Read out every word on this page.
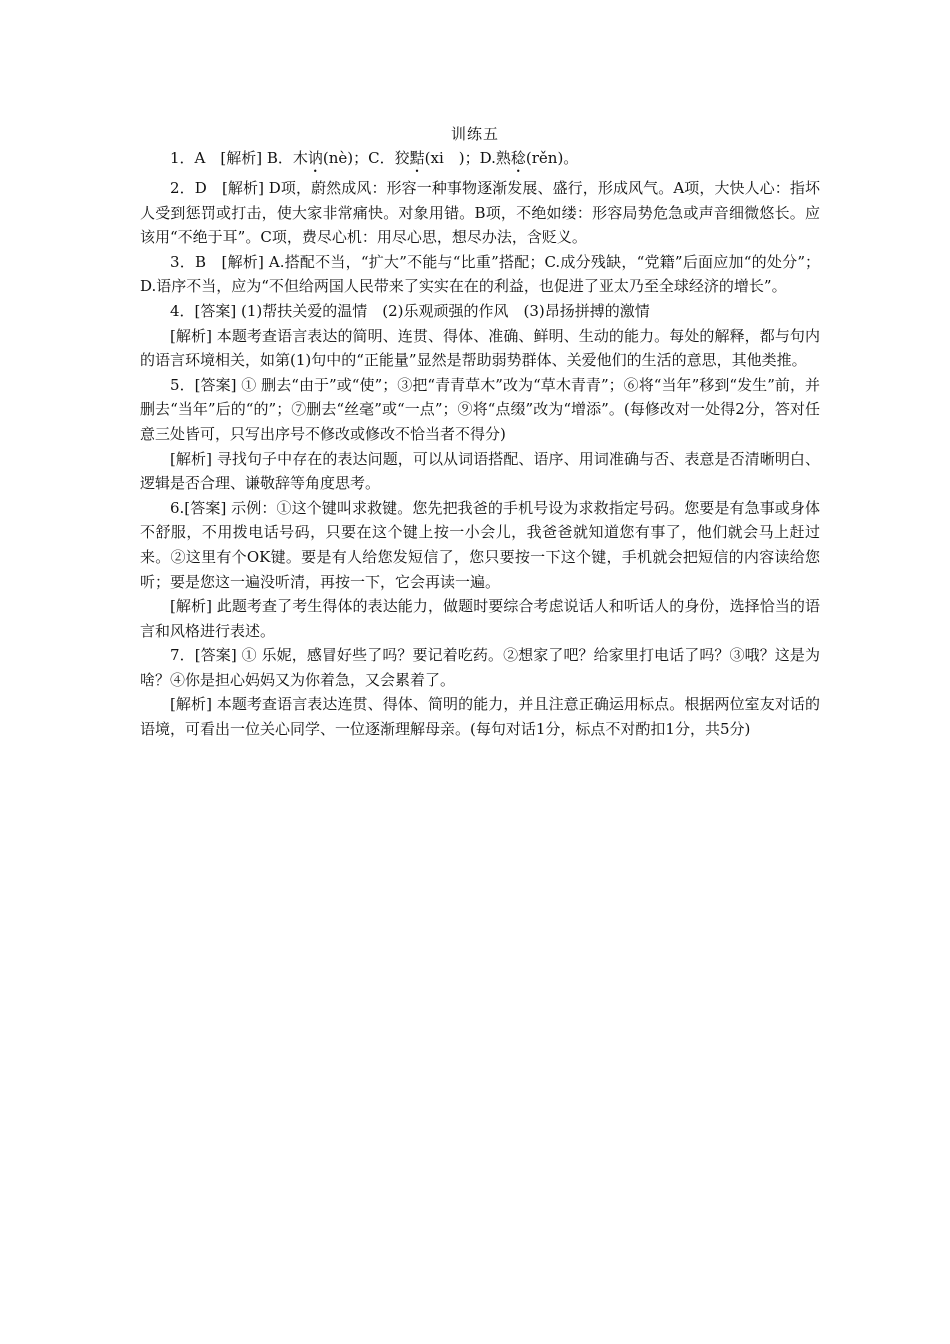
训练五

1．A　[解析] B．木讷(nè)；C．狡黠(xi　)；D.熟稔(rěn)。

2．D　[解析] D项，蔚然成风：形容一种事物逐渐发展、盛行，形成风气。A项，大快人心：指坏人受到惩罚或打击，使大家非常痛快。对象用错。B项，不绝如缕：形容局势危急或声音细微悠长。应该用“不绝于耳”。C项，费尽心机：用尽心思，想尽办法，含贬义。

3．B　[解析] A.搭配不当，“扩大”不能与“比重”搭配；C.成分残缺，“党籍”后面应加“的处分”；D.语序不当，应为“不但给两国人民带来了实实在在的利益，也促进了亚太乃至全球经济的增长”。

4．[答案] (1)帮扶关爱的温情　(2)乐观顽强的作风　(3)昂扬拼搏的激情

[解析] 本题考查语言表达的简明、连贯、得体、准确、鲜明、生动的能力。每处的解释，都与句内的语言环境相关，如第(1)句中的“正能量”显然是帮助弱势群体、关爱他们的生活的意思，其他类推。

5．[答案] ① 删去“由于”或“使”；③把“青青草木”改为“草木青青”；⑥将“当年”移到“发生”前，并删去“当年”后的“的”；⑦删去“丝毫”或“一点”；⑨将“点缀”改为“增添”。(每修改对一处得2分，答对任意三处皆可，只写出序号不修改或修改不恰当者不得分)

[解析] 寻找句子中存在的表达问题，可以从词语搭配、语序、用词准确与否、表意是否清晰明白、逻辑是否合理、谦敬辞等角度思考。

6.[答案] 示例：①这个键叫求救键。您先把我爸的手机号设为求救指定号码。您要是有急事或身体不舒服，不用拨电话号码，只要在这个键上按一小会儿，我爸爸就知道您有事了，他们就会马上赶过来。②这里有个OK键。要是有人给您发短信了，您只要按一下这个键，手机就会把短信的内容读给您听；要是您这一遍没听清，再按一下，它会再读一遍。

[解析] 此题考查了考生得体的表达能力，做题时要综合考虑说话人和听话人的身份，选择恰当的语言和风格进行表述。

7．[答案] ① 乐妮，感冒好些了吗？要记着吃药。②想家了吧？给家里打电话了吗？③哦？这是为啥？④你是担心妈妈又为你着急，又会累着了。

[解析] 本题考查语言表达连贯、得体、简明的能力，并且注意正确运用标点。根据两位室友对话的语境，可看出一位关心同学、一位逐渐理解母亲。(每句对话1分，标点不对酌扣1分，共5分)
